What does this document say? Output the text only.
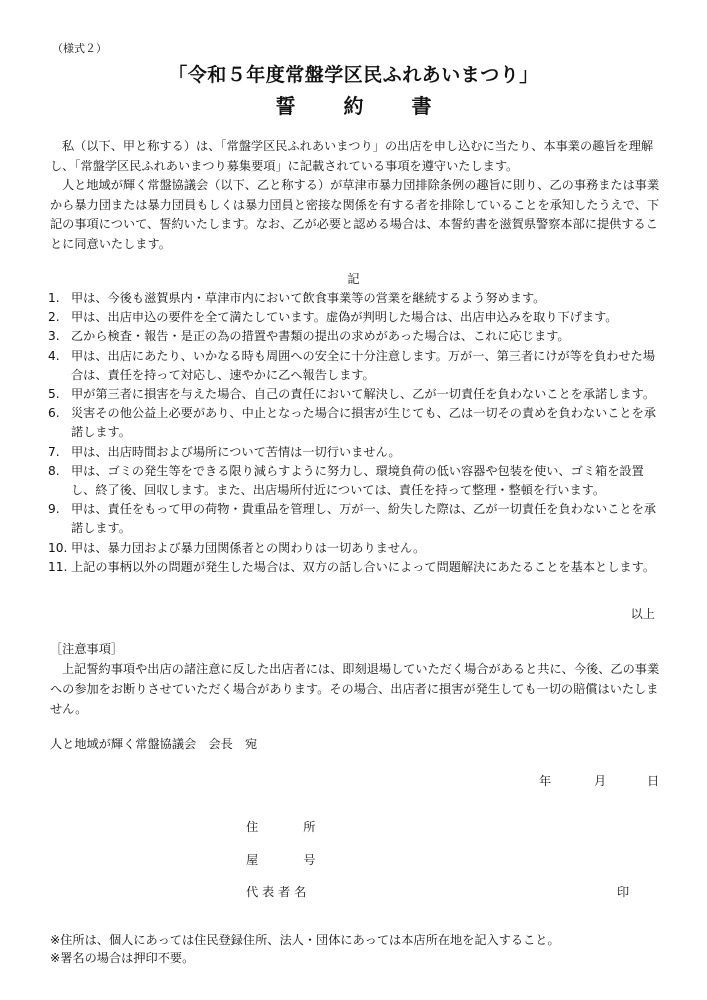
（様式２）
「令和５年度常盤学区民ふれあいまつり」
誓　約　書

私（以下、甲と称する）は、「常盤学区民ふれあいまつり」の出店を申し込むに当たり、本事業の趣旨を理解し、「常盤学区民ふれあいまつり募集要項」に記載されている事項を遵守いたします。

人と地域が輝く常盤協議会（以下、乙と称する）が草津市暴力団排除条例の趣旨に則り、乙の事務または事業から暴力団または暴力団員もしくは暴力団員と密接な関係を有する者を排除していることを承知したうえで、下記の事項について、誓約いたします。なお、乙が必要と認める場合は、本誓約書を滋賀県警察本部に提供することに同意いたします。

記
1. 甲は、今後も滋賀県内・草津市内において飲食事業等の営業を継続するよう努めます。
2. 甲は、出店申込の要件を全て満たしています。虚偽が判明した場合は、出店申込みを取り下げます。
3. 乙から検査・報告・是正の為の措置や書類の提出の求めがあった場合は、これに応じます。
4. 甲は、出店にあたり、いかなる時も周囲への安全に十分注意します。万が一、第三者にけが等を負わせた場合は、責任を持って対応し、速やかに乙へ報告します。
5. 甲が第三者に損害を与えた場合、自己の責任において解決し、乙が一切責任を負わないことを承諾します。
6. 災害その他公益上必要があり、中止となった場合に損害が生じても、乙は一切その責めを負わないことを承諾します。
7. 甲は、出店時間および場所について苦情は一切行いません。
8. 甲は、ゴミの発生等をできる限り減らすように努力し、環境負荷の低い容器や包装を使い、ゴミ箱を設置し、終了後、回収します。また、出店場所付近については、責任を持って整理・整頓を行います。
9. 甲は、責任をもって甲の荷物・貴重品を管理し、万が一、紛失した際は、乙が一切責任を負わないことを承諾します。
10. 甲は、暴力団および暴力団関係者との関わりは一切ありません。
11. 上記の事柄以外の問題が発生した場合は、双方の話し合いによって問題解決にあたることを基本とします。
以上
［注意事項］

上記誓約事項や出店の諸注意に反した出店者には、即刻退場していただく場合があると共に、今後、乙の事業への参加をお断りさせていただく場合があります。その場合、出店者に損害が発生しても一切の賠償はいたしません。

人と地域が輝く常盤協議会　会長　宛
年	月	日
住	所
屋	号
代 表 者 名	印
※住所は、個人にあっては住民登録住所、法人・団体にあっては本店所在地を記入すること。
※署名の場合は押印不要。
